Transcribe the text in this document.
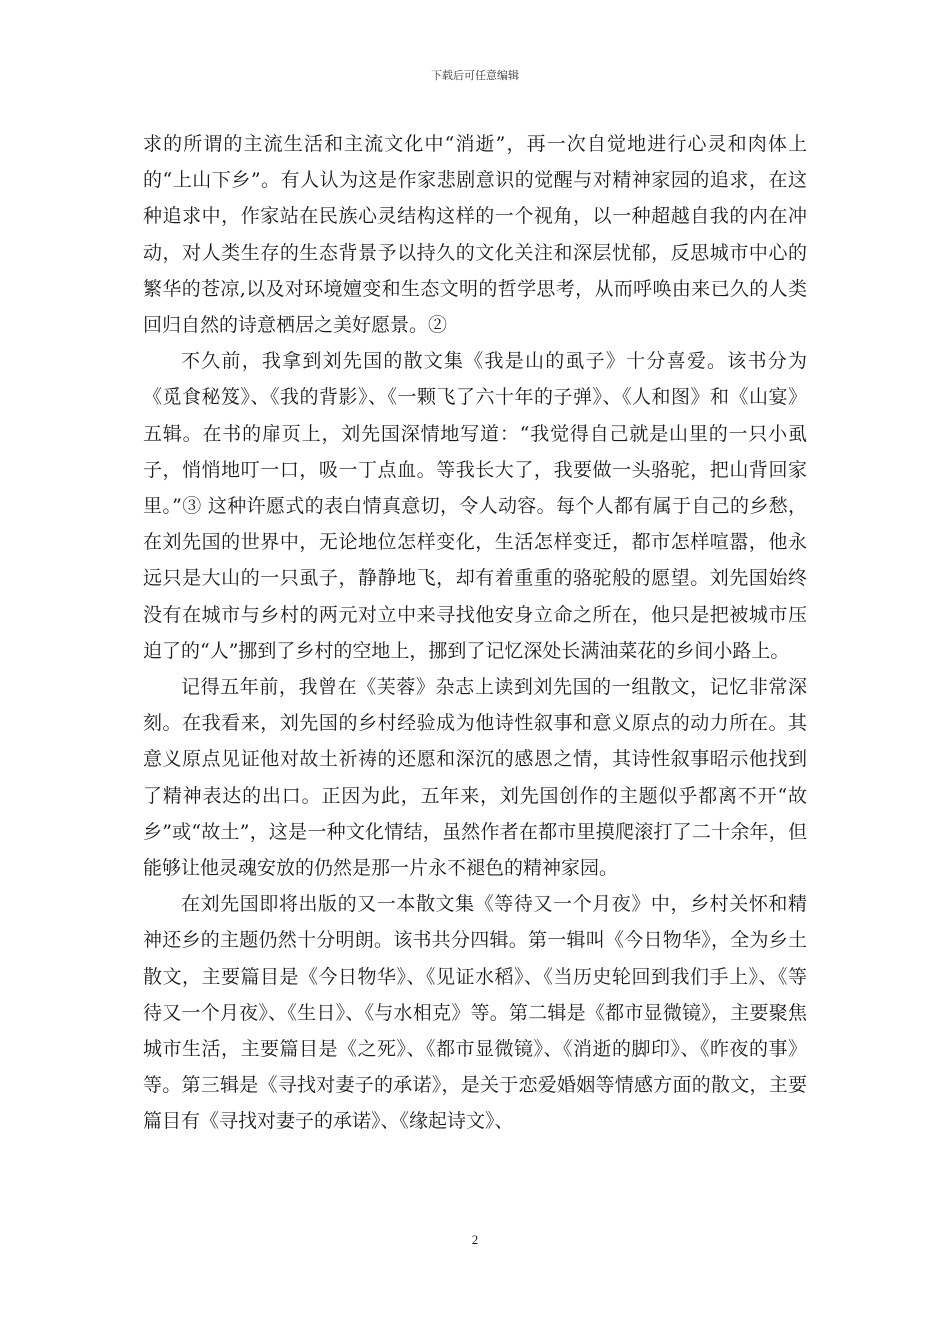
下载后可任意编辑

求的所谓的主流生活和主流文化中“消逝”，再一次自觉地进行心灵和肉体上的“上山下乡”。有人认为这是作家悲剧意识的觉醒与对精神家园的追求，在这种追求中，作家站在民族心灵结构这样的一个视角，以一种超越自我的内在冲动，对人类生存的生态背景予以持久的文化关注和深层忧郁，反思城市中心的繁华的苍凉,以及对环境嬗变和生态文明的哲学思考，从而呼唤由来已久的人类回归自然的诗意栖居之美好愿景。②

不久前，我拿到刘先国的散文集《我是山的虱子》十分喜爱。该书分为《觅食秘笈》、《我的背影》、《一颗飞了六十年的子弹》、《人和图》和《山宴》五辑。在书的扉页上，刘先国深情地写道：“我觉得自己就是山里的一只小虱子，悄悄地叮一口，吸一丁点血。等我长大了，我要做一头骆驼，把山背回家里。”③ 这种许愿式的表白情真意切，令人动容。每个人都有属于自己的乡愁，在刘先国的世界中，无论地位怎样变化，生活怎样变迁，都市怎样喧嚣，他永远只是大山的一只虱子，静静地飞，却有着重重的骆驼般的愿望。刘先国始终没有在城市与乡村的两元对立中来寻找他安身立命之所在，他只是把被城市压迫了的“人”挪到了乡村的空地上，挪到了记忆深处长满油菜花的乡间小路上。

记得五年前，我曾在《芙蓉》杂志上读到刘先国的一组散文，记忆非常深刻。在我看来，刘先国的乡村经验成为他诗性叙事和意义原点的动力所在。其意义原点见证他对故土祈祷的还愿和深沉的感恩之情，其诗性叙事昭示他找到了精神表达的出口。正因为此，五年来，刘先国创作的主题似乎都离不开“故乡”或“故土”，这是一种文化情结，虽然作者在都市里摸爬滚打了二十余年，但能够让他灵魂安放的仍然是那一片永不褪色的精神家园。

在刘先国即将出版的又一本散文集《等待又一个月夜》中，乡村关怀和精神还乡的主题仍然十分明朗。该书共分四辑。第一辑叫《今日物华》，全为乡土散文，主要篇目是《今日物华》、《见证水稻》、《当历史轮回到我们手上》、《等待又一个月夜》、《生日》、《与水相克》等。第二辑是《都市显微镜》，主要聚焦城市生活，主要篇目是《之死》、《都市显微镜》、《消逝的脚印》、《昨夜的事》等。第三辑是《寻找对妻子的承诺》，是关于恋爱婚姻等情感方面的散文，主要篇目有《寻找对妻子的承诺》、《缘起诗文》、

2
